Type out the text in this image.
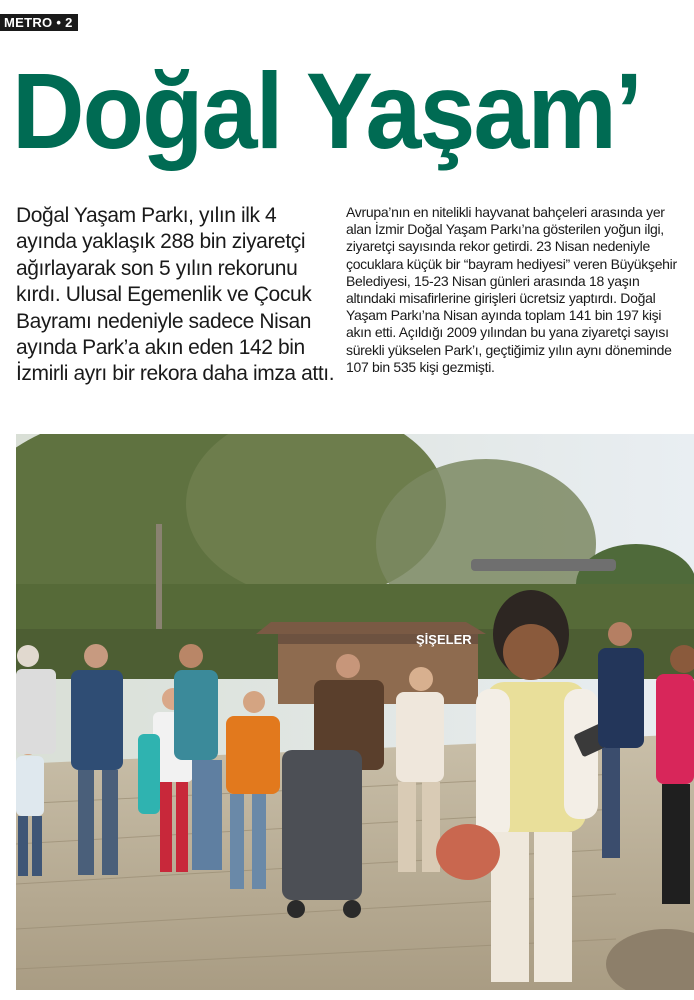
METRO • 2
Doğal Yaşam’

Doğal Yaşam Parkı, yılın ilk 4 ayında yaklaşık 288 bin ziyaretçi ağırlayarak son 5 yılın rekorunu kırdı. Ulusal Egemenlik ve Çocuk Bayramı nedeniyle sadece Nisan ayında Park’a akın eden 142 bin İzmirli ayrı bir rekora daha imza attı.

Avrupa’nın en nitelikli hayvanat bahçeleri arasında yer alan İzmir Doğal Yaşam Parkı’na gösterilen yoğun ilgi, ziyaretçi sayısında rekor getirdi. 23 Nisan nedeniyle çocuklara küçük bir “bayram hediyesi” veren Büyükşehir Belediyesi, 15-23 Nisan günleri arasında 18 yaşın altındaki misafirlerine girişleri ücretsiz yaptırdı. Doğal Yaşam Parkı’na Nisan ayında toplam 141 bin 197 kişi akın etti. Açıldığı 2009 yılından bu yana ziyaretçi sayısı sürekli yükselen Park’ı, geçtiğimiz yılın aynı döneminde 107 bin 535 kişi gezmişti.

ŞİŞELER
